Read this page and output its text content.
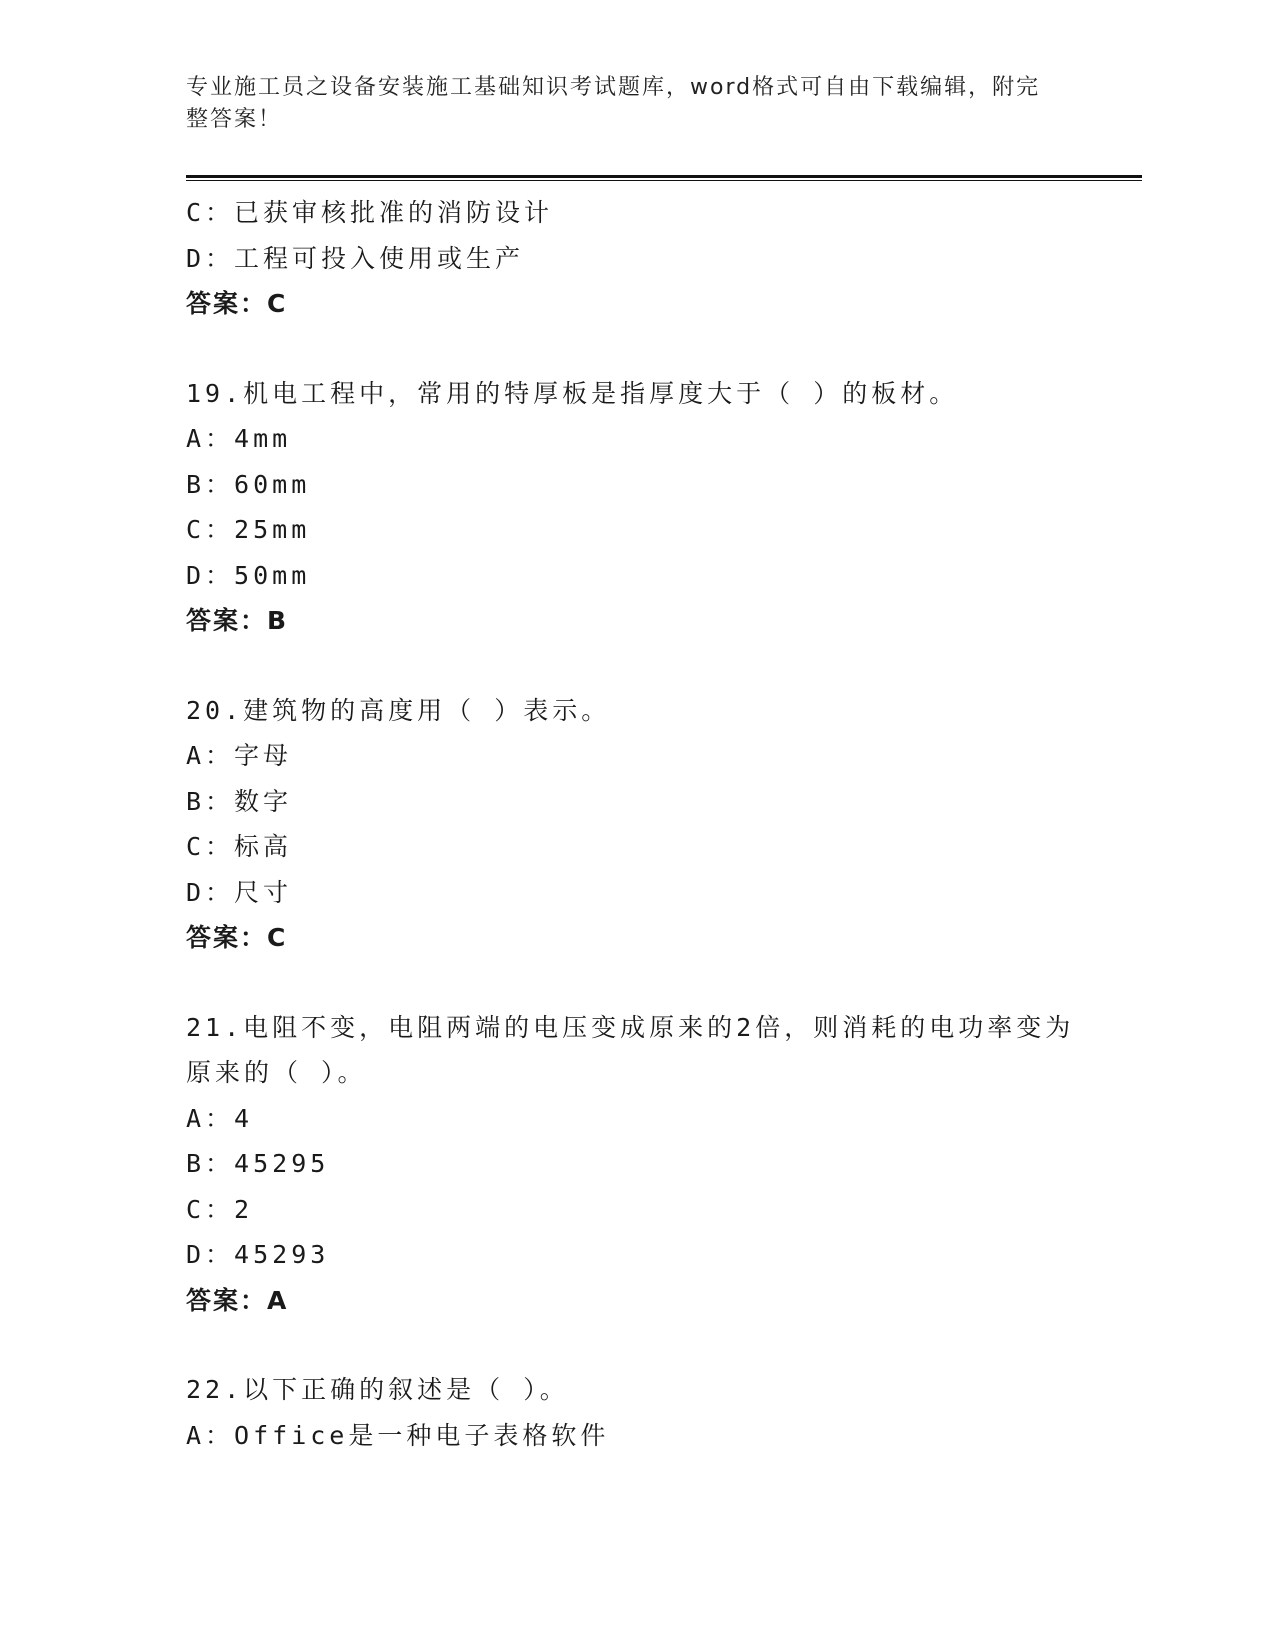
专业施工员之设备安装施工基础知识考试题库，word格式可自由下载编辑，附完
整答案！
C：已获审核批准的消防设计
D：工程可投入使用或生产
答案：C
19.机电工程中，常用的特厚板是指厚度大于（ ）的板材。
A：4mm
B：60mm
C：25mm
D：50mm
答案：B
20.建筑物的高度用（ ）表示。
A：字母
B：数字
C：标高
D：尺寸
答案：C
21.电阻不变，电阻两端的电压变成原来的2倍，则消耗的电功率变为
原来的（ ）。
A：4
B：45295
C：2
D：45293
答案：A
22.以下正确的叙述是（ ）。
A：Office是一种电子表格软件
